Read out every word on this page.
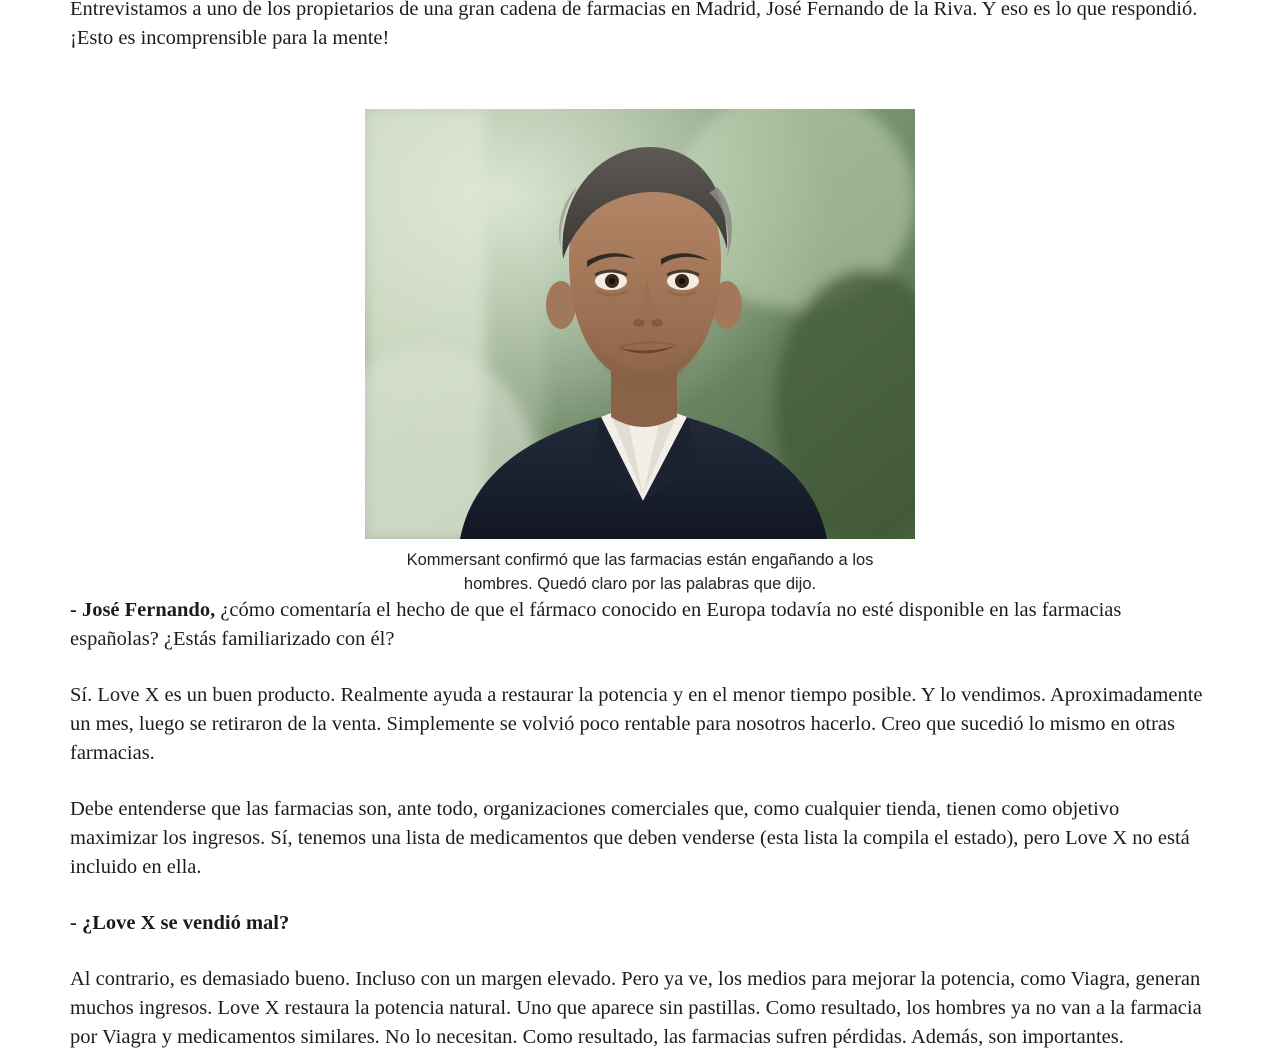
Entrevistamos a uno de los propietarios de una gran cadena de farmacias en Madrid, José Fernando de la Riva. Y eso es lo que respondió. ¡Esto es incomprensible para la mente!

Kommersant confirmó que las farmacias están engañando a los
hombres. Quedó claro por las palabras que dijo.

- José Fernando, ¿cómo comentaría el hecho de que el fármaco conocido en Europa todavía no esté disponible en las farmacias españolas? ¿Estás familiarizado con él?

Sí. Love X es un buen producto. Realmente ayuda a restaurar la potencia y en el menor tiempo posible. Y lo vendimos. Aproximadamente un mes, luego se retiraron de la venta. Simplemente se volvió poco rentable para nosotros hacerlo. Creo que sucedió lo mismo en otras farmacias.

Debe entenderse que las farmacias son, ante todo, organizaciones comerciales que, como cualquier tienda, tienen como objetivo maximizar los ingresos. Sí, tenemos una lista de medicamentos que deben venderse (esta lista la compila el estado), pero Love X no está incluido en ella.

- ¿Love X se vendió mal?

Al contrario, es demasiado bueno. Incluso con un margen elevado. Pero ya ve, los medios para mejorar la potencia, como Viagra, generan muchos ingresos. Love X restaura la potencia natural. Uno que aparece sin pastillas. Como resultado, los hombres ya no van a la farmacia por Viagra y medicamentos similares. No lo necesitan. Como resultado, las farmacias sufren pérdidas. Además, son importantes.
